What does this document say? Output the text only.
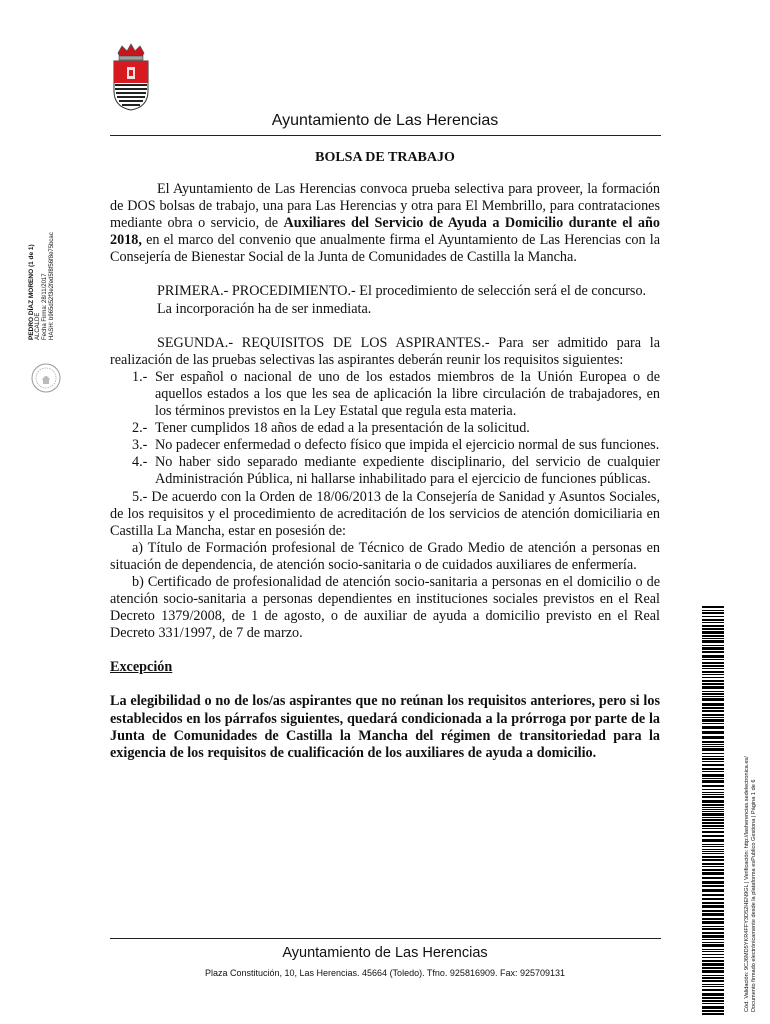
Ayuntamiento de Las Herencias
BOLSA DE TRABAJO

El Ayuntamiento de Las Herencias convoca prueba selectiva para proveer, la formación de DOS bolsas de trabajo, una para Las Herencias y otra para El Membrillo, para contrataciones mediante obra o servicio, de Auxiliares del Servicio de Ayuda a Domicilio durante el año 2018, en el marco del convenio que anualmente firma el Ayuntamiento de Las Herencias con la Consejería de Bienestar Social de la Junta de Comunidades de Castilla la Mancha.

PRIMERA.- PROCEDIMIENTO.- El procedimiento de selección será el de concurso.

La incorporación ha de ser inmediata.

SEGUNDA.- REQUISITOS DE LOS ASPIRANTES.- Para ser admitido para la realización de las pruebas selectivas las aspirantes deberán reunir los requisitos siguientes:

1.- Ser español o nacional de uno de los estados miembros de la Unión Europea o de aquellos estados a los que les sea de aplicación la libre circulación de trabajadores, en los términos previstos en la Ley Estatal que regula esta materia.
2.- Tener cumplidos 18 años de edad a la presentación de la solicitud.
3.- No padecer enfermedad o defecto físico que impida el ejercicio normal de sus funciones.
4.- No haber sido separado mediante expediente disciplinario, del servicio de cualquier Administración Pública, ni hallarse inhabilitado para el ejercicio de funciones públicas.

5.- De acuerdo con la Orden de 18/06/2013 de la Consejería de Sanidad y Asuntos Sociales, de los requisitos y el procedimiento de acreditación de los servicios de atención domiciliaria en Castilla La Mancha, estar en posesión de:

a) Título de Formación profesional de Técnico de Grado Medio de atención a personas en situación de dependencia, de atención socio-sanitaria o de cuidados auxiliares de enfermería.

b) Certificado de profesionalidad de atención socio-sanitaria a personas en el domicilio o de atención socio-sanitaria a personas dependientes en instituciones sociales previstos en el Real Decreto 1379/2008, de 1 de agosto, o de auxiliar de ayuda a domicilio previsto en el Real Decreto 331/1997, de 7 de marzo.

Excepción

La elegibilidad o no de los/as aspirantes que no reúnan los requisitos anteriores, pero si los establecidos en los párrafos siguientes, quedará condicionada a la prórroga por parte de la Junta de Comunidades de Castilla la Mancha del régimen de transitoriedad para la exigencia de los requisitos de cualificación de los auxiliares de ayuda a domicilio.

Ayuntamiento de Las Herencias
Plaza Constitución, 10, Las Herencias. 45664 (Toledo). Tfno. 925816909. Fax: 925709131
PEDRO DÍAZ MORENO (1 de 1) ALCALDE Fecha Firma: 28/11/2017 HASH: b965d52f3e2fed5f8f56f8e75bcac
Cód. Validación: 9CJ6MD5YKR4FFY3D52HEN9GL | Verificación: http://lasherencias.sedelectronica.es/ Documento firmado electrónicamente desde la plataforma esPublico Gestiona | Página 1 de 6
